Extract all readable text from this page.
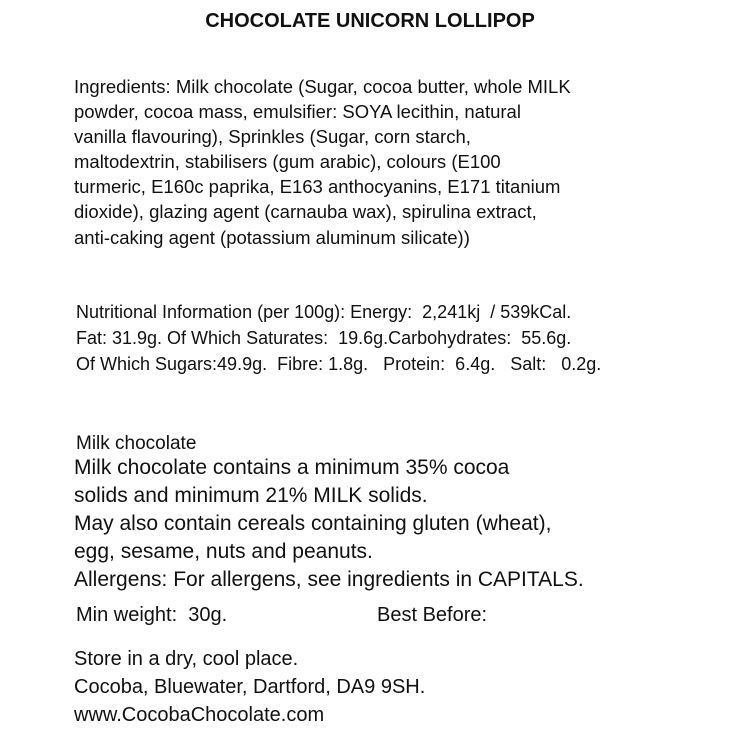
CHOCOLATE UNICORN LOLLIPOP
Ingredients: Milk chocolate (Sugar, cocoa butter, whole MILK
powder, cocoa mass, emulsifier: SOYA lecithin, natural
vanilla flavouring), Sprinkles (Sugar, corn starch,
maltodextrin, stabilisers (gum arabic), colours (E100
turmeric, E160c paprika, E163 anthocyanins, E171 titanium
dioxide), glazing agent (carnauba wax), spirulina extract,
anti-caking agent (potassium aluminum silicate))
Nutritional Information (per 100g): Energy:  2,241kj  / 539kCal.
Fat: 31.9g. Of Which Saturates:  19.6g.Carbohydrates:  55.6g.
Of Which Sugars:49.9g.  Fibre: 1.8g.   Protein:  6.4g.   Salt:   0.2g.
Milk chocolate
Milk chocolate contains a minimum 35% cocoa
solids and minimum 21% MILK solids.
May also contain cereals containing gluten (wheat),
egg, sesame, nuts and peanuts.
Allergens: For allergens, see ingredients in CAPITALS.
Min weight:  30g.	Best Before:
Store in a dry, cool place.
Cocoba, Bluewater, Dartford, DA9 9SH.
www.CocobaChocolate.com
